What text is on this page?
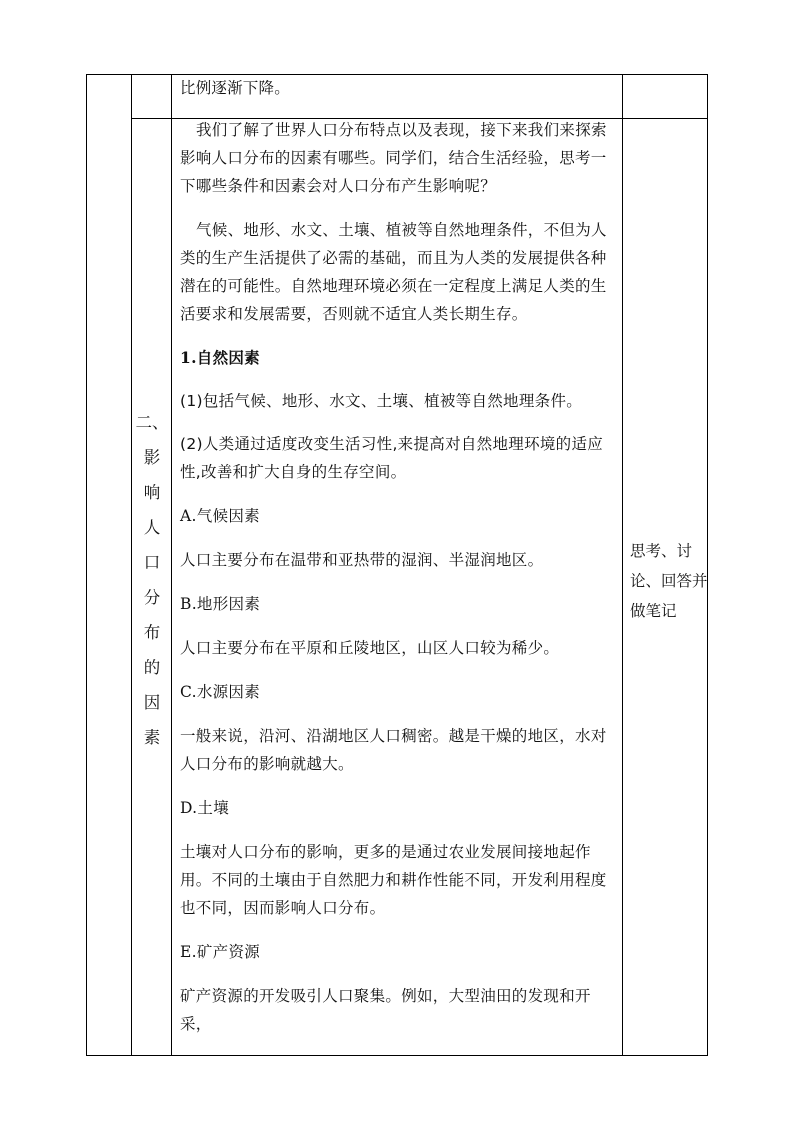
比例逐渐下降。
二、
影
响
人
口
分
布
的
因
素

我们了解了世界人口分布特点以及表现，接下来我们来探索影响人口分布的因素有哪些。同学们，结合生活经验，思考一下哪些条件和因素会对人口分布产生影响呢？

气候、地形、水文、土壤、植被等自然地理条件，不但为人类的生产生活提供了必需的基础，而且为人类的发展提供各种潜在的可能性。自然地理环境必须在一定程度上满足人类的生活要求和发展需要，否则就不适宜人类长期生存。

1.自然因素

(1)包括气候、地形、水文、土壤、植被等自然地理条件。

(2)人类通过适度改变生活习性,来提高对自然地理环境的适应性,改善和扩大自身的生存空间。

A.气候因素

人口主要分布在温带和亚热带的湿润、半湿润地区。

B.地形因素

人口主要分布在平原和丘陵地区，山区人口较为稀少。

C.水源因素

一般来说，沿河、沿湖地区人口稠密。越是干燥的地区，水对人口分布的影响就越大。

D.土壤

土壤对人口分布的影响，更多的是通过农业发展间接地起作用。不同的土壤由于自然肥力和耕作性能不同，开发利用程度也不同，因而影响人口分布。

E.矿产资源

矿产资源的开发吸引人口聚集。例如，大型油田的发现和开采，

思考、讨论、回答并做笔记
